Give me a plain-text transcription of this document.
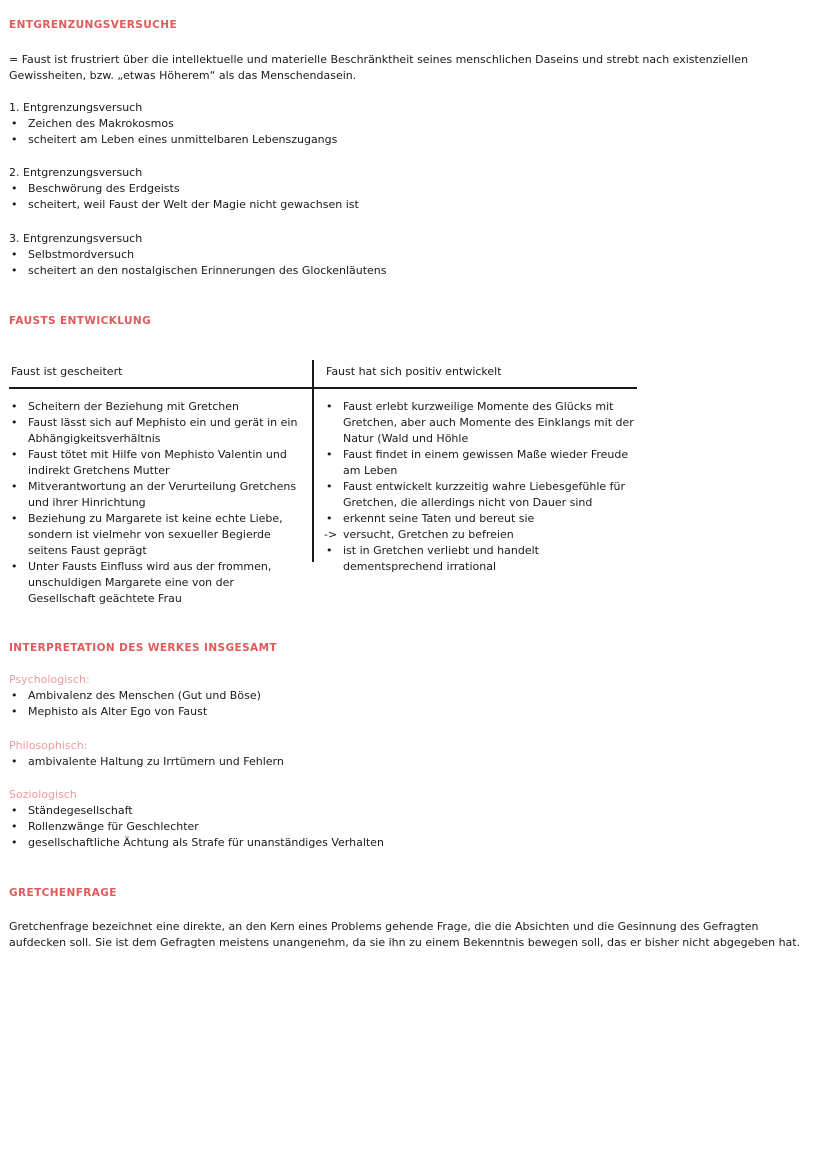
ENTGRENZUNGSVERSUCHE

= Faust ist frustriert über die intellektuelle und materielle Beschränktheit seines menschlichen Daseins und strebt nach existenziellen Gewissheiten, bzw. „etwas Höherem“ als das Menschendasein.

1. Entgrenzungsversuch

• Zeichen des Makrokosmos
• scheitert am Leben eines unmittelbaren Lebenszugangs

2. Entgrenzungsversuch

• Beschwörung des Erdgeists
• scheitert, weil Faust der Welt der Magie nicht gewachsen ist

3. Entgrenzungsversuch

• Selbstmordversuch
• scheitert an den nostalgischen Erinnerungen des Glockenläutens
FAUSTS ENTWICKLUNG
Faust ist gescheitert	Faust hat sich positiv entwickelt
• Scheitern der Beziehung mit Gretchen
• Faust lässt sich auf Mephisto ein und gerät in ein Abhängigkeitsverhältnis
• Faust tötet mit Hilfe von Mephisto Valentin und indirekt Gretchens Mutter
• Mitverantwortung an der Verurteilung Gretchens und ihrer Hinrichtung
• Beziehung zu Margarete ist keine echte Liebe, sondern ist vielmehr von sexueller Begierde seitens Faust geprägt
• Unter Fausts Einfluss wird aus der frommen, unschuldigen Margarete eine von der Gesellschaft geächtete Frau
• Faust erlebt kurzweilige Momente des Glücks mit Gretchen, aber auch Momente des Einklangs mit der Natur (Wald und Höhle
• Faust findet in einem gewissen Maße wieder Freude am Leben
• Faust entwickelt kurzzeitig wahre Liebesgefühle für Gretchen, die allerdings nicht von Dauer sind
• erkennt seine Taten und bereut sie
-> versucht, Gretchen zu befreien
• ist in Gretchen verliebt und handelt dementsprechend irrational
INTERPRETATION DES WERKES INSGESAMT

Psychologisch:

• Ambivalenz des Menschen (Gut und Böse)
• Mephisto als Alter Ego von Faust

Philosophisch:

• ambivalente Haltung zu Irrtümern und Fehlern

Soziologisch

• Ständegesellschaft
• Rollenzwänge für Geschlechter
• gesellschaftliche Ächtung als Strafe für unanständiges Verhalten
GRETCHENFRAGE

Gretchenfrage bezeichnet eine direkte, an den Kern eines Problems gehende Frage, die die Absichten und die Gesinnung des Gefragten aufdecken soll. Sie ist dem Gefragten meistens unangenehm, da sie ihn zu einem Bekenntnis bewegen soll, das er bisher nicht abgegeben hat.
